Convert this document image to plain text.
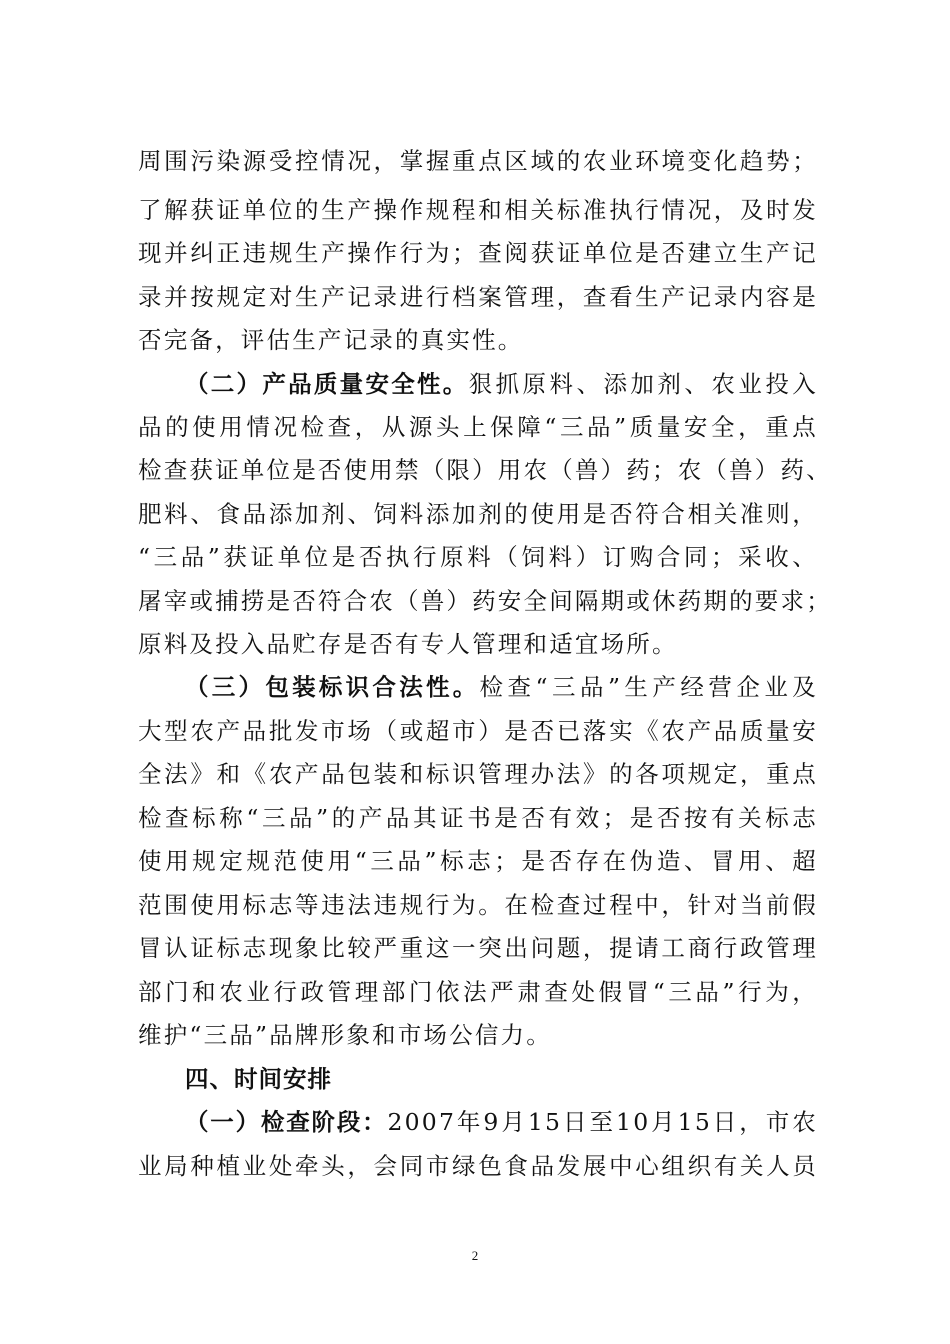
周围污染源受控情况，掌握重点区域的农业环境变化趋势；
了解获证单位的生产操作规程和相关标准执行情况，及时发
现并纠正违规生产操作行为；查阅获证单位是否建立生产记
录并按规定对生产记录进行档案管理，查看生产记录内容是
否完备，评估生产记录的真实性。
（二）产品质量安全性。狠抓原料、添加剂、农业投入
品的使用情况检查，从源头上保障“三品”质量安全，重点
检查获证单位是否使用禁（限）用农（兽）药；农（兽）药、
肥料、食品添加剂、饲料添加剂的使用是否符合相关准则，
“三品”获证单位是否执行原料（饲料）订购合同；采收、
屠宰或捕捞是否符合农（兽）药安全间隔期或休药期的要求；
原料及投入品贮存是否有专人管理和适宜场所。
（三）包装标识合法性。检查“三品”生产经营企业及
大型农产品批发市场（或超市）是否已落实《农产品质量安
全法》和《农产品包装和标识管理办法》的各项规定，重点
检查标称“三品”的产品其证书是否有效；是否按有关标志
使用规定规范使用“三品”标志；是否存在伪造、冒用、超
范围使用标志等违法违规行为。在检查过程中，针对当前假
冒认证标志现象比较严重这一突出问题，提请工商行政管理
部门和农业行政管理部门依法严肃查处假冒“三品”行为，
维护“三品”品牌形象和市场公信力。
四、时间安排
（一）检查阶段：2007年9月15日至10月15日，市农
业局种植业处牵头，会同市绿色食品发展中心组织有关人员
2
